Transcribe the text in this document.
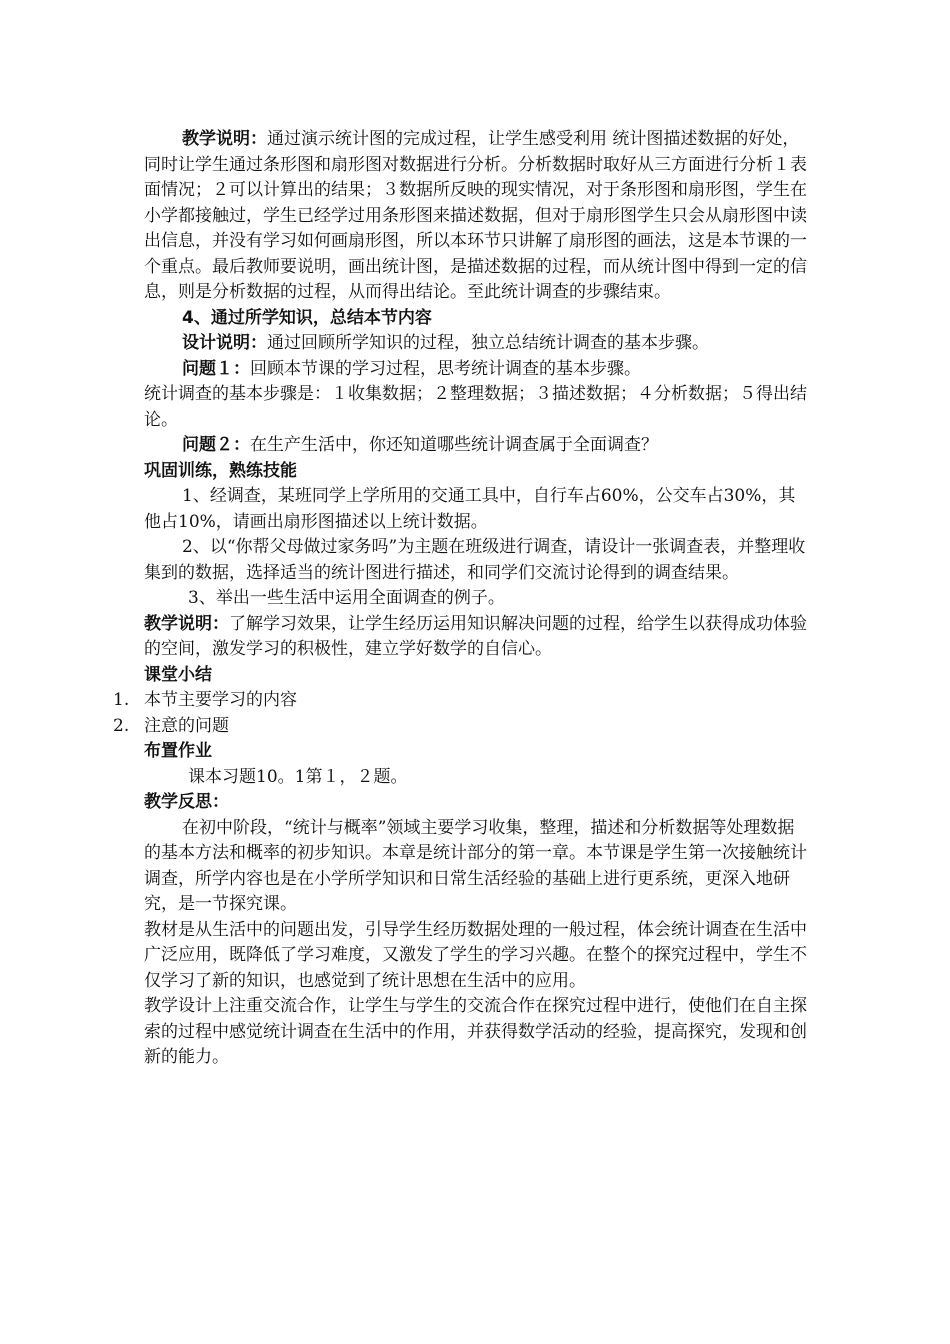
教学说明：通过演示统计图的完成过程，让学生感受利用 统计图描述数据的好处，同时让学生通过条形图和扇形图对数据进行分析。分析数据时取好从三方面进行分析１表面情况；２可以计算出的结果；３数据所反映的现实情况，对于条形图和扇形图，学生在小学都接触过，学生已经学过用条形图来描述数据，但对于扇形图学生只会从扇形图中读出信息，并没有学习如何画扇形图，所以本环节只讲解了扇形图的画法，这是本节课的一个重点。最后教师要说明，画出统计图，是描述数据的过程，而从统计图中得到一定的信息，则是分析数据的过程，从而得出结论。至此统计调查的步骤结束。

4、通过所学知识，总结本节内容

设计说明：通过回顾所学知识的过程，独立总结统计调查的基本步骤。

问题１：回顾本节课的学习过程，思考统计调查的基本步骤。

统计调查的基本步骤是：１收集数据；２整理数据；３描述数据；４分析数据；５得出结论。

问题２：在生产生活中，你还知道哪些统计调查属于全面调查？

巩固训练，熟练技能

1、经调查，某班同学上学所用的交通工具中，自行车占60%，公交车占30%，其他占10%，请画出扇形图描述以上统计数据。

2、以“你帮父母做过家务吗”为主题在班级进行调查，请设计一张调查表，并整理收集到的数据，选择适当的统计图进行描述，和同学们交流讨论得到的调查结果。

3、举出一些生活中运用全面调查的例子。

教学说明：了解学习效果，让学生经历运用知识解决问题的过程，给学生以获得成功体验的空间，激发学习的积极性，建立学好数学的自信心。

课堂小结

1. 本节主要学习的内容
2. 注意的问题

布置作业

课本习题10。1第１，２题。

教学反思：

在初中阶段，“统计与概率”领域主要学习收集，整理，描述和分析数据等处理数据的基本方法和概率的初步知识。本章是统计部分的第一章。本节课是学生第一次接触统计调查，所学内容也是在小学所学知识和日常生活经验的基础上进行更系统，更深入地研究，是一节探究课。

教材是从生活中的问题出发，引导学生经历数据处理的一般过程，体会统计调查在生活中广泛应用，既降低了学习难度，又激发了学生的学习兴趣。在整个的探究过程中，学生不仅学习了新的知识，也感觉到了统计思想在生活中的应用。

教学设计上注重交流合作，让学生与学生的交流合作在探究过程中进行，使他们在自主探索的过程中感觉统计调查在生活中的作用，并获得数学活动的经验，提高探究，发现和创新的能力。
